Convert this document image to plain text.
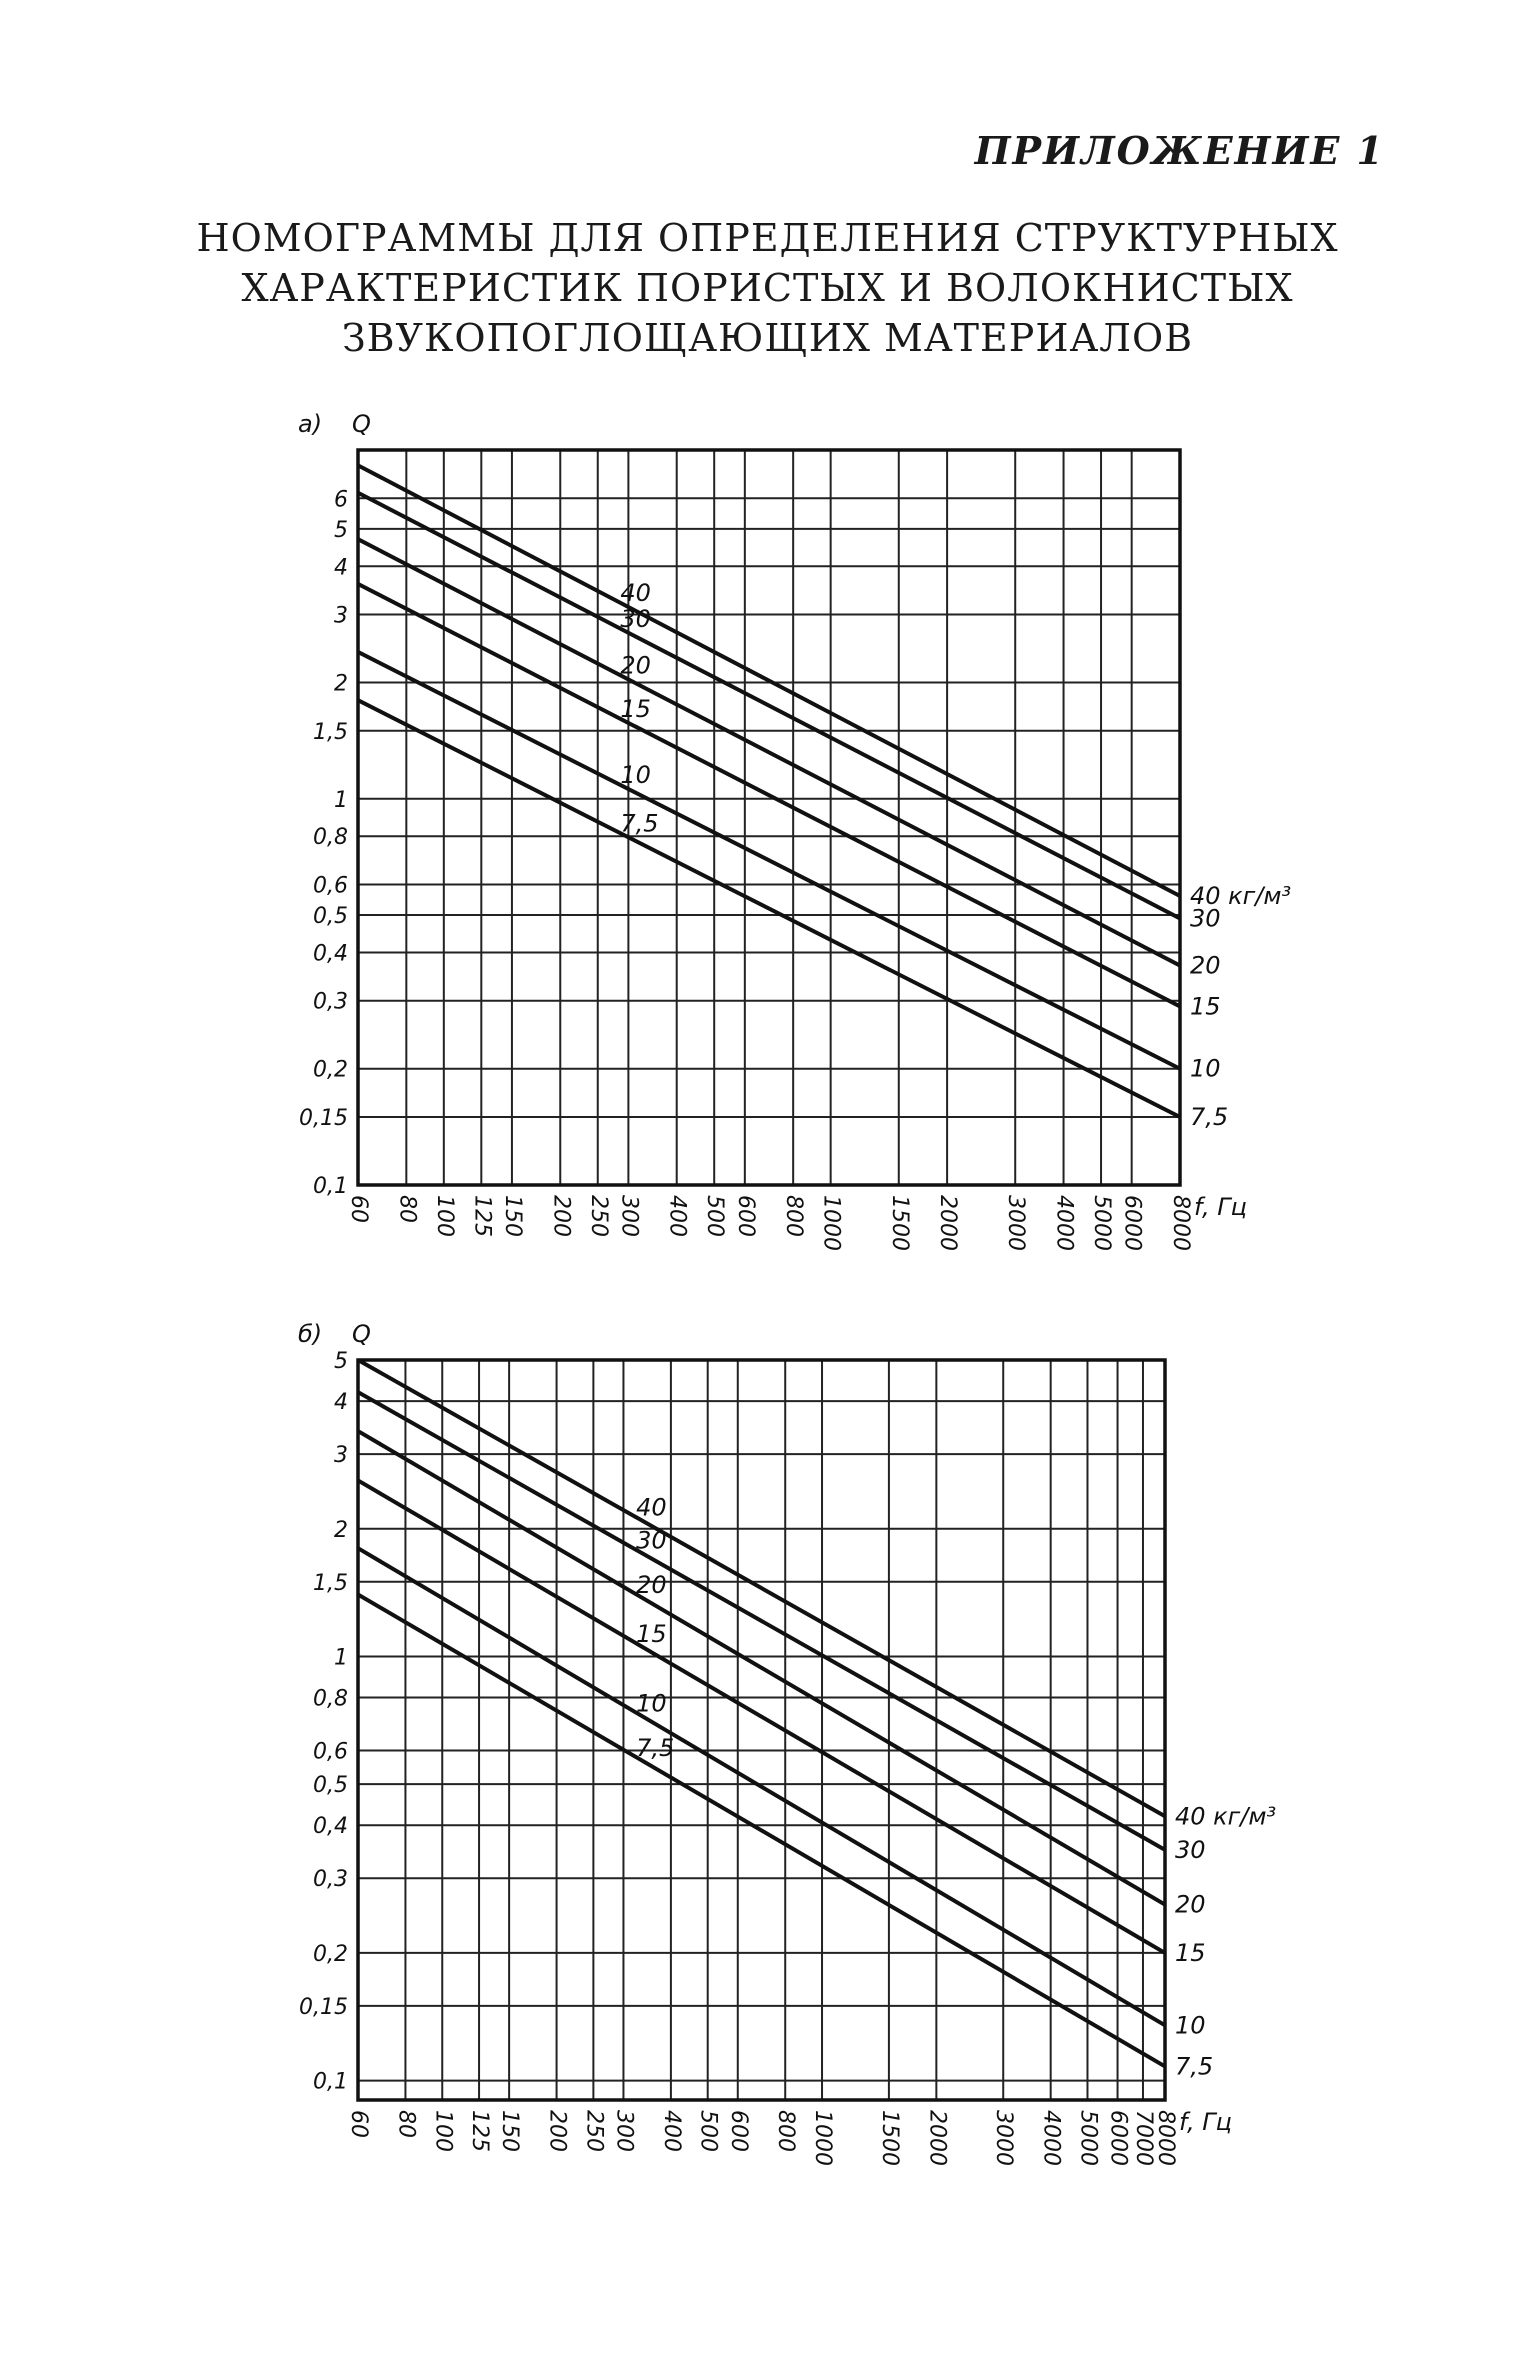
ПРИЛОЖЕНИЕ 1
НОМОГРАММЫ ДЛЯ ОПРЕДЕЛЕНИЯ СТРУКТУРНЫХ
ХАРАКТЕРИСТИК ПОРИСТЫХ И ВОЛОКНИСТЫХ
ЗВУКОПОГЛОЩАЮЩИХ МАТЕРИАЛОВ
60 80 100 125 150 200 250 300 400 500 600 800 1000 1500 2000 3000 4000 5000 6000 8000
0,1
0,15
0,2
0,3
0,4
0,5
0,6
0,8
1
1,5
2
3
4
5
6
а) Q
f, Гц
40
40 кг/м³
30
30
20
20
15
15
10
10
7,5
7,5
60 80 100 125 150 200 250 300 400 500 600 800 1000 1500 2000 3000 4000 5000 6000 7000
8000
0,1
0,15
0,2
0,3
0,4
0,5
0,6
0,8
1
1,5
2
3
4
5
б) Q
f, Гц
40
40 кг/м³
30
30
20
20
15
15
10
10
7,5
7,5
